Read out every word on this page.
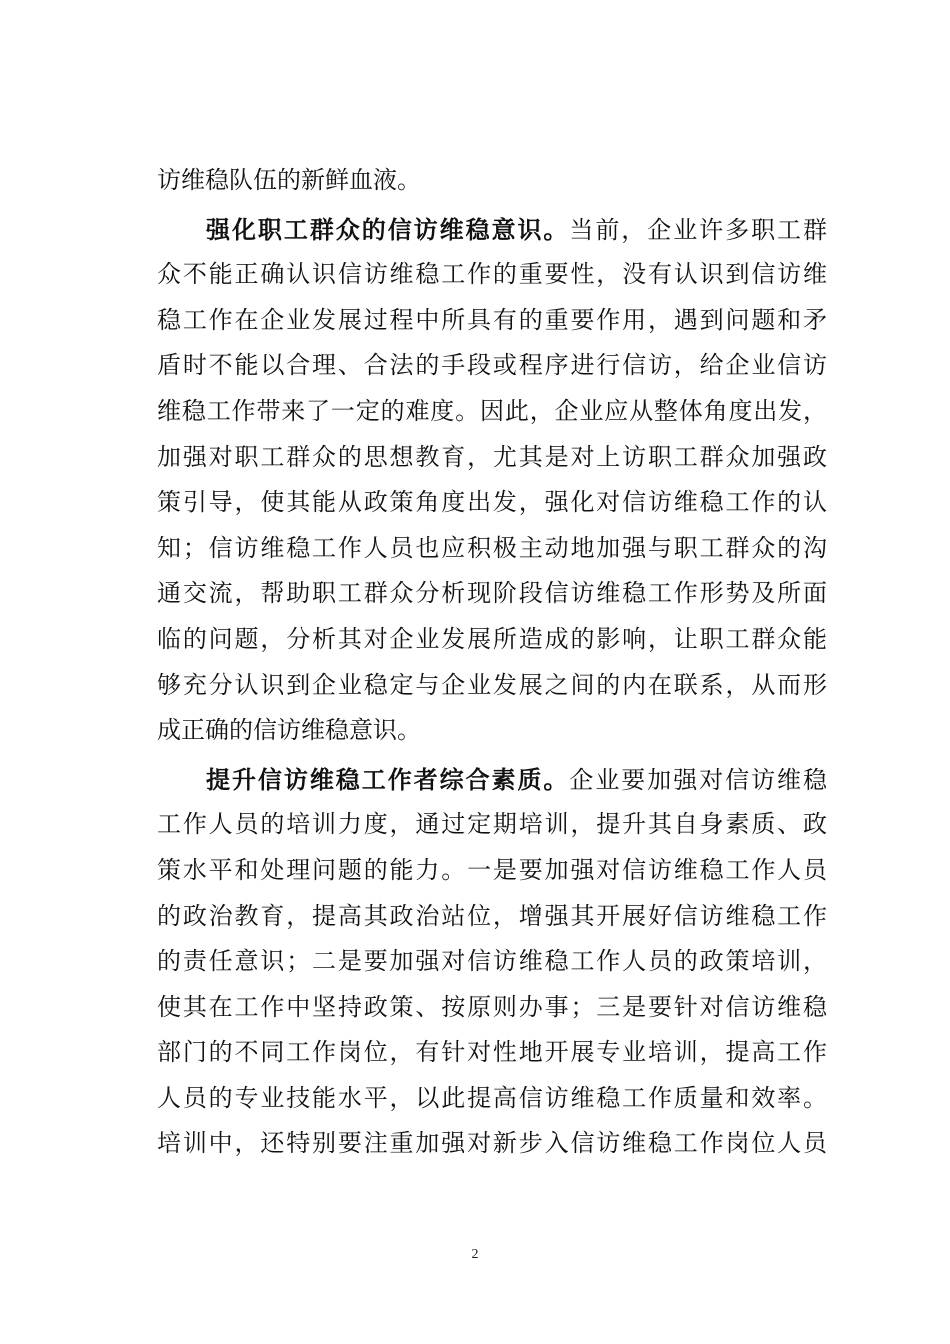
访维稳队伍的新鲜血液。
强化职工群众的信访维稳意识。当前，企业许多职工群
众不能正确认识信访维稳工作的重要性，没有认识到信访维
稳工作在企业发展过程中所具有的重要作用，遇到问题和矛
盾时不能以合理、合法的手段或程序进行信访，给企业信访
维稳工作带来了一定的难度。因此，企业应从整体角度出发，
加强对职工群众的思想教育，尤其是对上访职工群众加强政
策引导，使其能从政策角度出发，强化对信访维稳工作的认
知；信访维稳工作人员也应积极主动地加强与职工群众的沟
通交流，帮助职工群众分析现阶段信访维稳工作形势及所面
临的问题，分析其对企业发展所造成的影响，让职工群众能
够充分认识到企业稳定与企业发展之间的内在联系，从而形
成正确的信访维稳意识。
提升信访维稳工作者综合素质。企业要加强对信访维稳
工作人员的培训力度，通过定期培训，提升其自身素质、政
策水平和处理问题的能力。一是要加强对信访维稳工作人员
的政治教育，提高其政治站位，增强其开展好信访维稳工作
的责任意识；二是要加强对信访维稳工作人员的政策培训，
使其在工作中坚持政策、按原则办事；三是要针对信访维稳
部门的不同工作岗位，有针对性地开展专业培训，提高工作
人员的专业技能水平，以此提高信访维稳工作质量和效率。
培训中，还特别要注重加强对新步入信访维稳工作岗位人员
2
